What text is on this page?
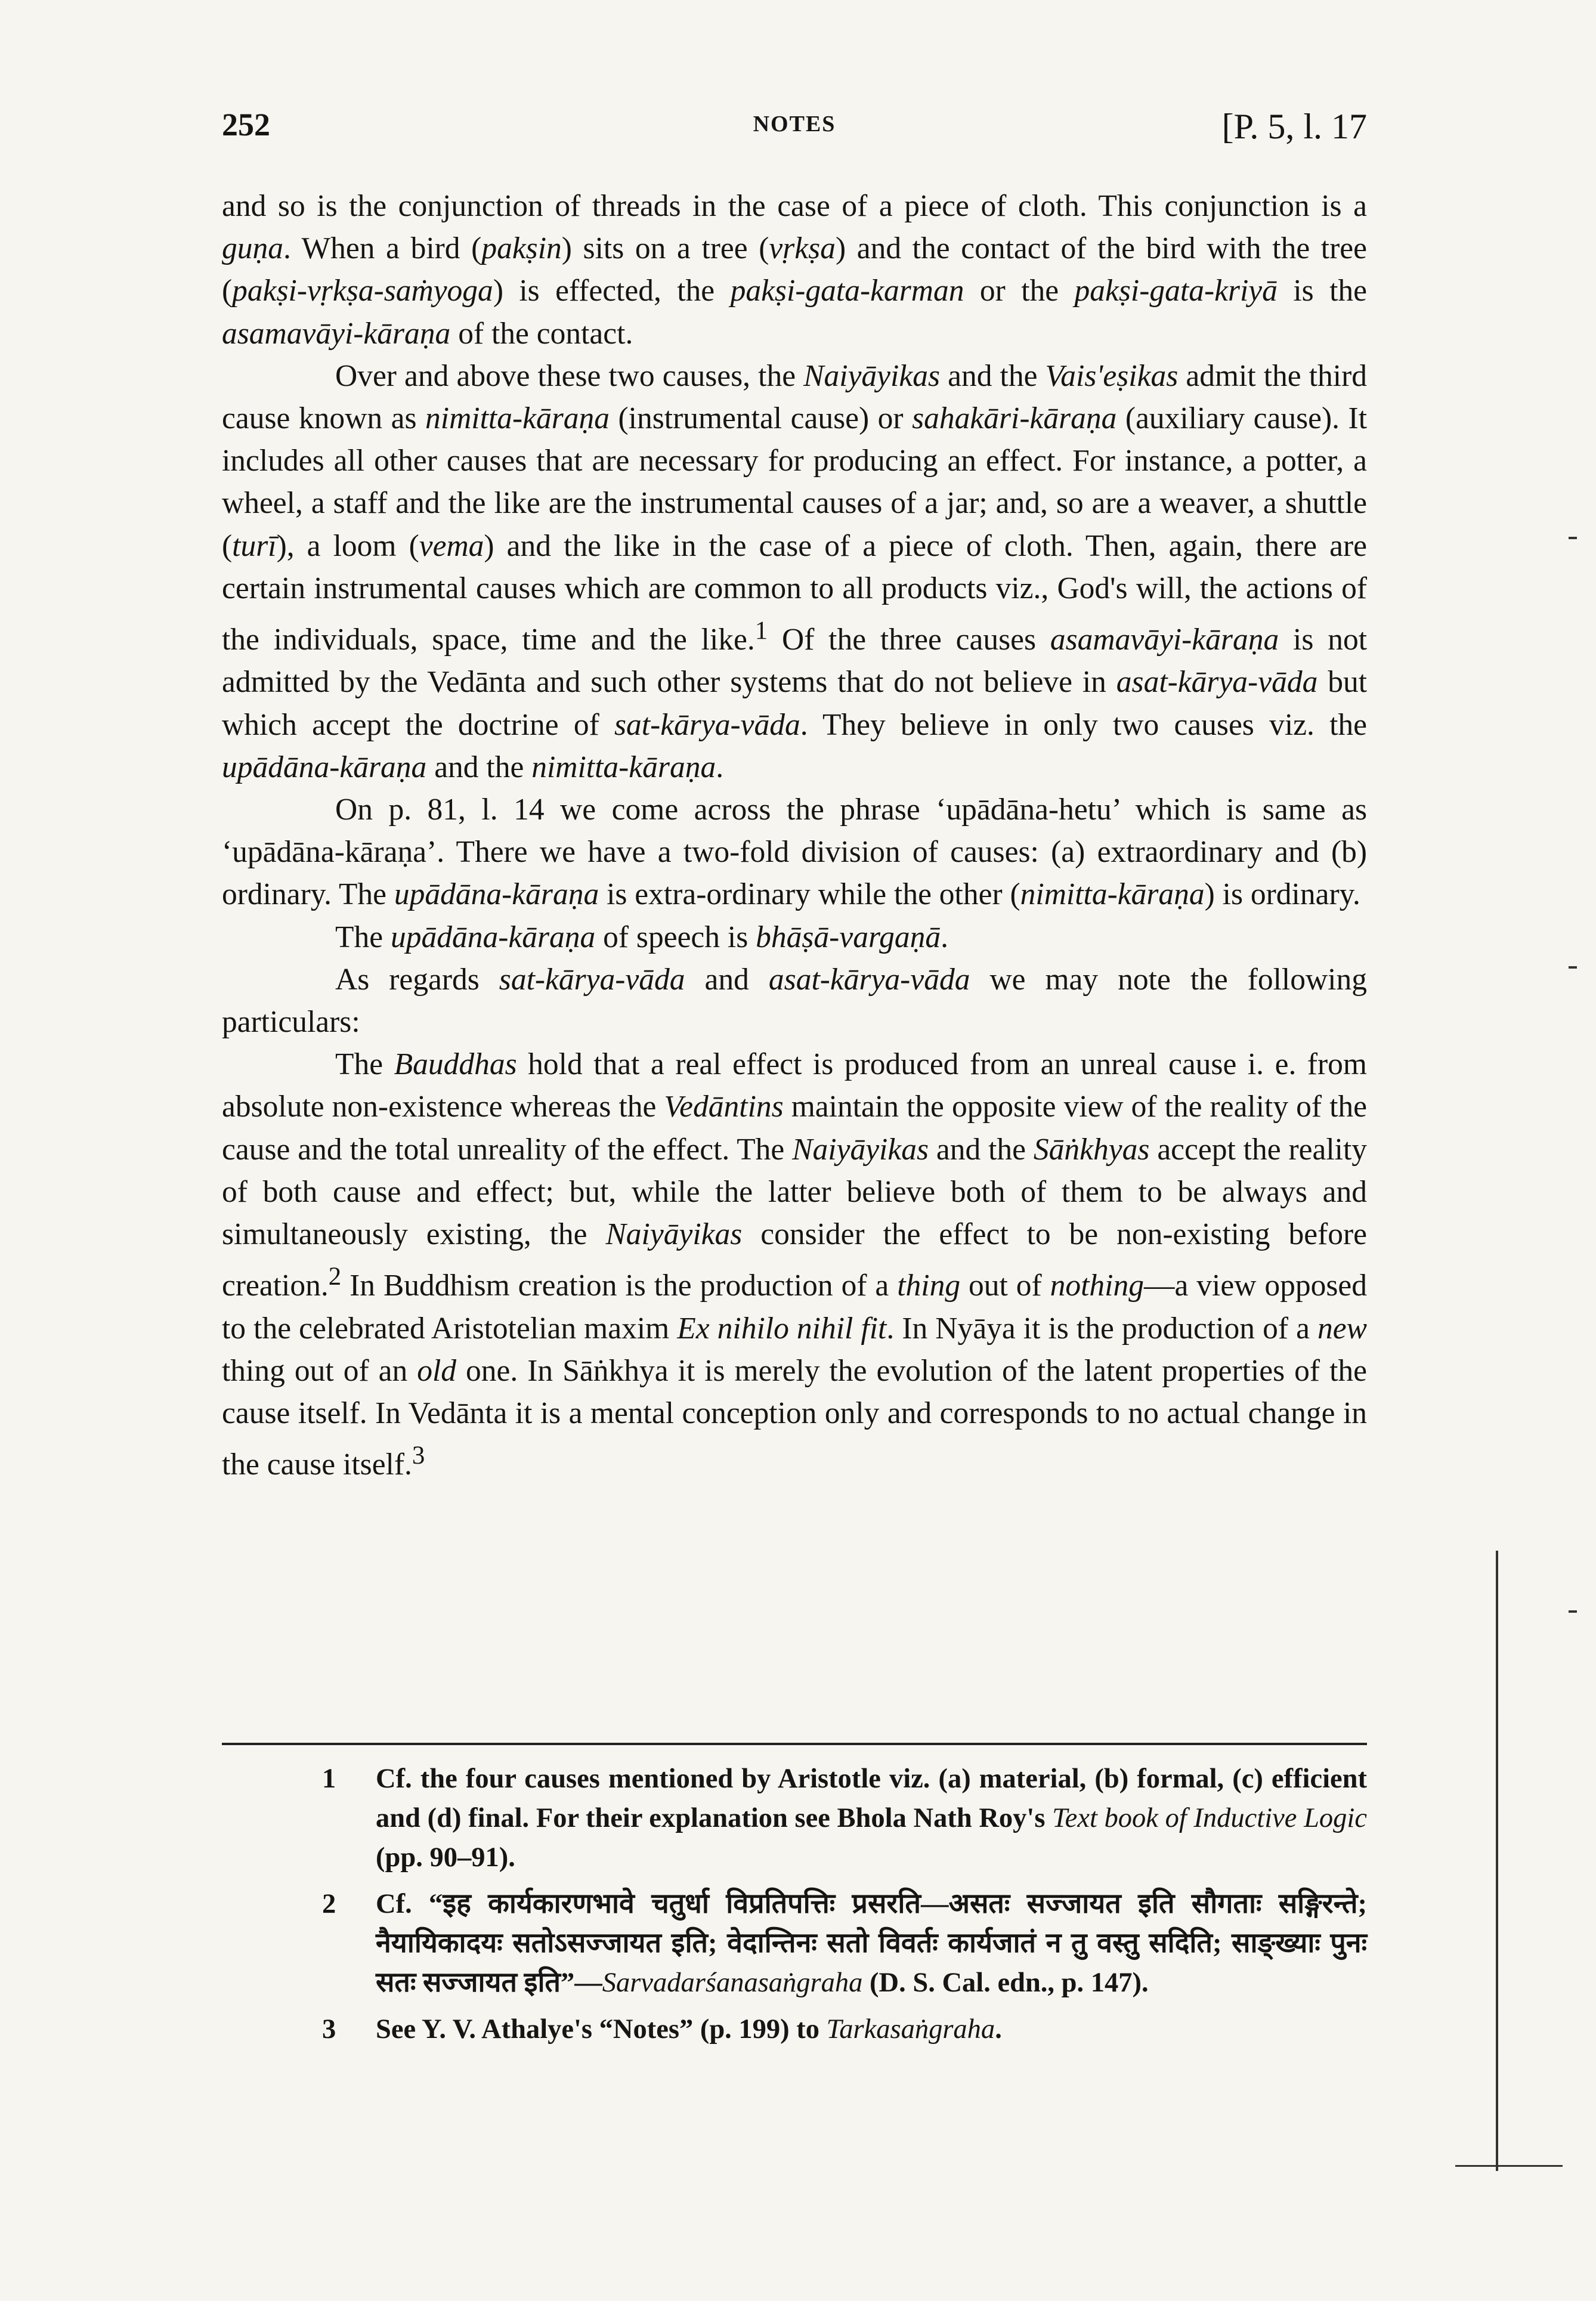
252	NOTES	[P. 5, l. 17

and so is the conjunction of threads in the case of a piece of cloth. This conjunction is a guṇa. When a bird (pakṣin) sits on a tree (vṛkṣa) and the contact of the bird with the tree (pakṣi-vṛkṣa-saṁyoga) is effected, the pakṣi-gata-karman or the pakṣi-gata-kriyā is the asamavāyi-kāraṇa of the contact.

Over and above these two causes, the Naiyāyikas and the Vais'eṣikas admit the third cause known as nimitta-kāraṇa (instrumental cause) or sahakāri-kāraṇa (auxiliary cause). It includes all other causes that are necessary for producing an effect. For instance, a potter, a wheel, a staff and the like are the instrumental causes of a jar; and, so are a weaver, a shuttle (turī), a loom (vema) and the like in the case of a piece of cloth. Then, again, there are certain instrumental causes which are common to all products viz., God's will, the actions of the individuals, space, time and the like.$^1$ Of the three causes asamavāyi-kāraṇa is not admitted by the Vedānta and such other systems that do not believe in asat-kārya-vāda but which accept the doctrine of sat-kārya-vāda. They believe in only two causes viz. the upādāna-kāraṇa and the nimitta-kāraṇa.

On p. 81, l. 14 we come across the phrase ‘upādāna-hetu’ which is same as ‘upādāna-kāraṇa’. There we have a two-fold division of causes: (a) extraordinary and (b) ordinary. The upādāna-kāraṇa is extra-ordinary while the other (nimitta-kāraṇa) is ordinary.

The upādāna-kāraṇa of speech is bhāṣā-vargaṇā.

As regards sat-kārya-vāda and asat-kārya-vāda we may note the following particulars:

The Bauddhas hold that a real effect is produced from an unreal cause i. e. from absolute non-existence whereas the Vedāntins maintain the opposite view of the reality of the cause and the total unreality of the effect. The Naiyāyikas and the Sāṅkhyas accept the reality of both cause and effect; but, while the latter believe both of them to be always and simultaneously existing, the Naiyāyikas consider the effect to be non-existing before creation.$^2$ In Buddhism creation is the production of a thing out of nothing—a view opposed to the celebrated Aristotelian maxim Ex nihilo nihil fit. In Nyāya it is the production of a new thing out of an old one. In Sāṅkhya it is merely the evolution of the latent properties of the cause itself. In Vedānta it is a mental conception only and corresponds to no actual change in the cause itself.$^3$

1 Cf. the four causes mentioned by Aristotle viz. (a) material, (b) formal, (c) efficient and (d) final. For their explanation see Bhola Nath Roy's Text book of Inductive Logic (pp. 90–91).
2 Cf. “इह कार्यकारणभावे चतुर्धा विप्रतिपत्तिः प्रसरति—असतः सज्जायत इति सौगताः सङ्गिरन्ते; नैयायिकादयः सतोऽसज्जायत इति; वेदान्तिनः सतो विवर्तः कार्यजातं न तु वस्तु सदिति; साङ्ख्याः पुनः सतः सज्जायत इति”—Sarvadarśanasaṅgraha (D. S. Cal. edn., p. 147).
3 See Y. V. Athalye's “Notes” (p. 199) to Tarkasaṅgraha.
